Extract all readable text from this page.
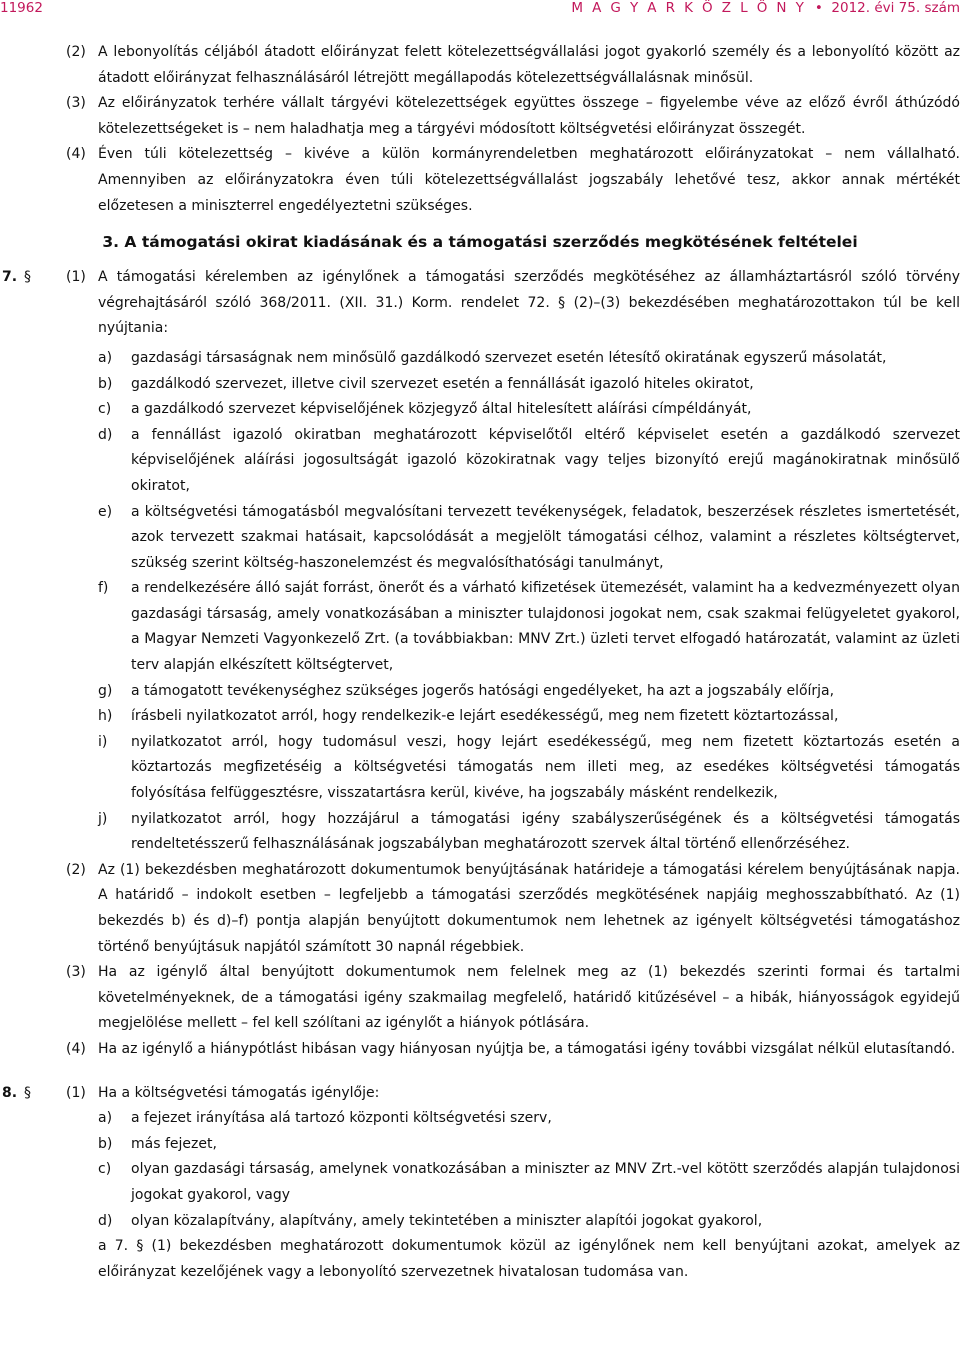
11962	M A G Y A R K Ö Z L Ö N Y • 2012. évi 75. szám
(2) A lebonyolítás céljából átadott előirányzat felett kötelezettségvállalási jogot gyakorló személy és a lebonyolító között az átadott előirányzat felhasználásáról létrejött megállapodás kötelezettségvállalásnak minősül.
(3) Az előirányzatok terhére vállalt tárgyévi kötelezettségek együttes összege – figyelembe véve az előző évről áthúzódó kötelezettségeket is – nem haladhatja meg a tárgyévi módosított költségvetési előirányzat összegét.
(4) Éven túli kötelezettség – kivéve a külön kormányrendeletben meghatározott előirányzatokat – nem vállalható. Amennyiben az előirányzatokra éven túli kötelezettségvállalást jogszabály lehetővé tesz, akkor annak mértékét előzetesen a miniszterrel engedélyeztetni szükséges.
3. A támogatási okirat kiadásának és a támogatási szerződés megkötésének feltételei
7. §	(1) A támogatási kérelemben az igénylőnek a támogatási szerződés megkötéséhez az államháztartásról szóló törvény végrehajtásáról szóló 368/2011. (XII. 31.) Korm. rendelet 72. § (2)–(3) bekezdésében meghatározottakon túl be kell nyújtania:
a) gazdasági társaságnak nem minősülő gazdálkodó szervezet esetén létesítő okiratának egyszerű másolatát,
b) gazdálkodó szervezet, illetve civil szervezet esetén a fennállását igazoló hiteles okiratot,
c) a gazdálkodó szervezet képviselőjének közjegyző által hitelesített aláírási címpéldányát,
d) a fennállást igazoló okiratban meghatározott képviselőtől eltérő képviselet esetén a gazdálkodó szervezet képviselőjének aláírási jogosultságát igazoló közokiratnak vagy teljes bizonyító erejű magánokiratnak minősülő okiratot,
e) a költségvetési támogatásból megvalósítani tervezett tevékenységek, feladatok, beszerzések részletes ismertetését, azok tervezett szakmai hatásait, kapcsolódását a megjelölt támogatási célhoz, valamint a részletes költségtervet, szükség szerint költség-haszonelemzést és megvalósíthatósági tanulmányt,
f) a rendelkezésére álló saját forrást, önerőt és a várható kifizetések ütemezését, valamint ha a kedvezményezett olyan gazdasági társaság, amely vonatkozásában a miniszter tulajdonosi jogokat nem, csak szakmai felügyeletet gyakorol, a Magyar Nemzeti Vagyonkezelő Zrt. (a továbbiakban: MNV Zrt.) üzleti tervet elfogadó határozatát, valamint az üzleti terv alapján elkészített költségtervet,
g) a támogatott tevékenységhez szükséges jogerős hatósági engedélyeket, ha azt a jogszabály előírja,
h) írásbeli nyilatkozatot arról, hogy rendelkezik-e lejárt esedékességű, meg nem fizetett köztartozással,
i) nyilatkozatot arról, hogy tudomásul veszi, hogy lejárt esedékességű, meg nem fizetett köztartozás esetén a köztartozás megfizetéséig a költségvetési támogatás nem illeti meg, az esedékes költségvetési támogatás folyósítása felfüggesztésre, visszatartásra kerül, kivéve, ha jogszabály másként rendelkezik,
j) nyilatkozatot arról, hogy hozzájárul a támogatási igény szabályszerűségének és a költségvetési támogatás rendeltetésszerű felhasználásának jogszabályban meghatározott szervek által történő ellenőrzéséhez.
(2) Az (1) bekezdésben meghatározott dokumentumok benyújtásának határideje a támogatási kérelem benyújtásának napja. A határidő – indokolt esetben – legfeljebb a támogatási szerződés megkötésének napjáig meghosszabbítható. Az (1) bekezdés b) és d)–f) pontja alapján benyújtott dokumentumok nem lehetnek az igényelt költségvetési támogatáshoz történő benyújtásuk napjától számított 30 napnál régebbiek.
(3) Ha az igénylő által benyújtott dokumentumok nem felelnek meg az (1) bekezdés szerinti formai és tartalmi követelményeknek, de a támogatási igény szakmailag megfelelő, határidő kitűzésével – a hibák, hiányosságok egyidejű megjelölése mellett – fel kell szólítani az igénylőt a hiányok pótlására.
(4) Ha az igénylő a hiánypótlást hibásan vagy hiányosan nyújtja be, a támogatási igény további vizsgálat nélkül elutasítandó.
8. §	(1) Ha a költségvetési támogatás igénylője:
a) a fejezet irányítása alá tartozó központi költségvetési szerv,
b) más fejezet,
c) olyan gazdasági társaság, amelynek vonatkozásában a miniszter az MNV Zrt.-vel kötött szerződés alapján tulajdonosi jogokat gyakorol, vagy
d) olyan közalapítvány, alapítvány, amely tekintetében a miniszter alapítói jogokat gyakorol,
a 7. § (1) bekezdésben meghatározott dokumentumok közül az igénylőnek nem kell benyújtani azokat, amelyek az előirányzat kezelőjének vagy a lebonyolító szervezetnek hivatalosan tudomása van.
